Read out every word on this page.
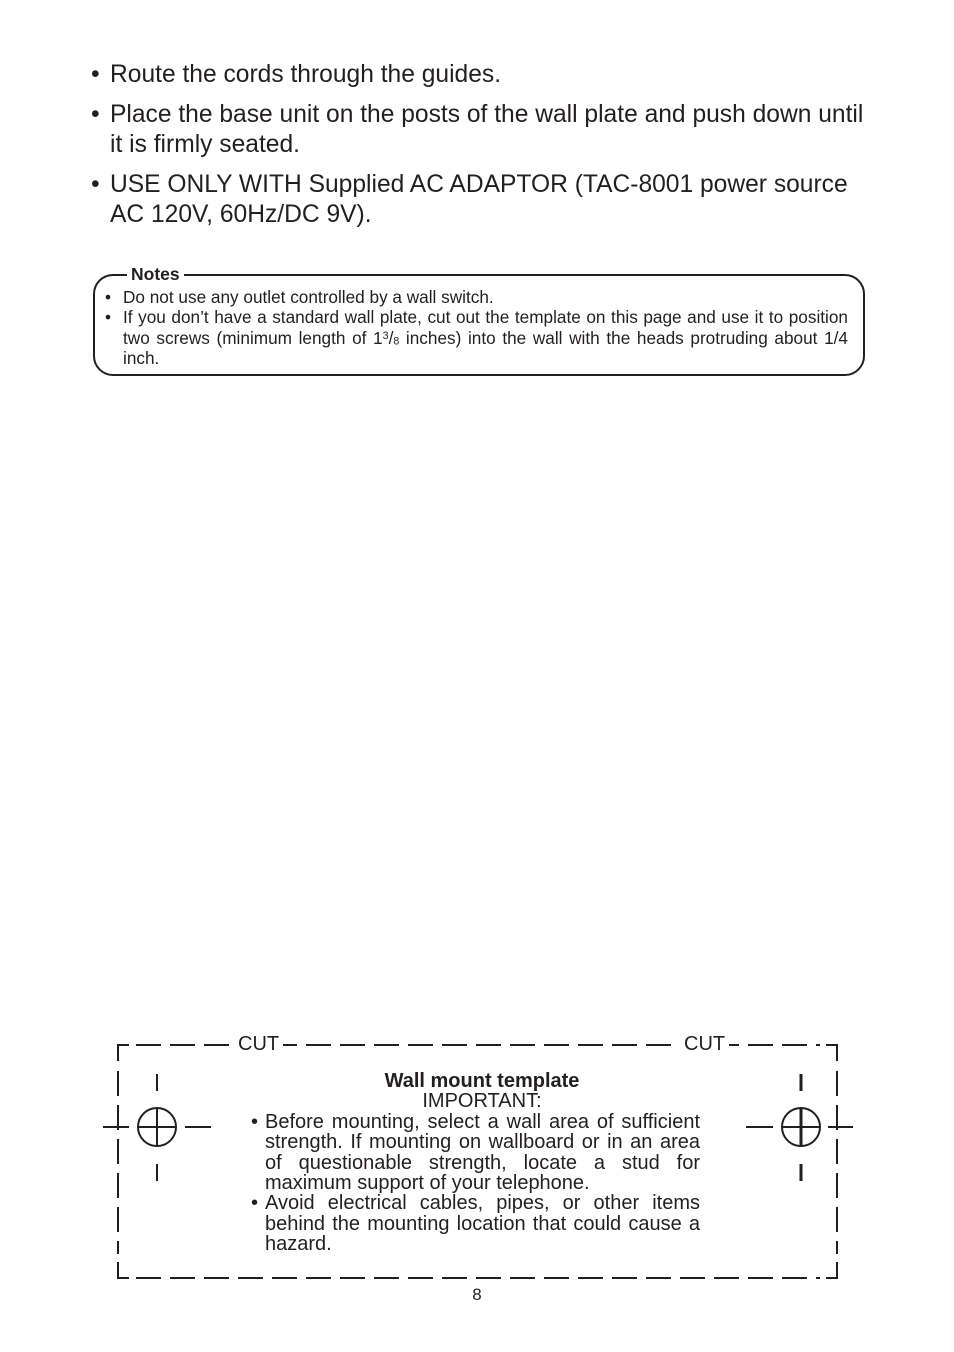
• Route the cords through the guides.
• Place the base unit on the posts of the wall plate and push down until it is firmly seated.
• USE ONLY WITH Supplied AC ADAPTOR (TAC-8001 power source AC 120V, 60Hz/DC 9V).
Notes
• Do not use any outlet controlled by a wall switch.
• If you don’t have a standard wall plate, cut out the template on this page and use it to position two screws (minimum length of $1^3/8$ inches) into the wall with the heads protruding about 1/4 inch.
CUT	CUT
Wall mount template
IMPORTANT:
• Before mounting, select a wall area of sufficient strength. If mounting on wallboard or in an area of questionable strength, locate a stud for maximum support of your telephone.
• Avoid electrical cables, pipes, or other items behind the mounting location that could cause a hazard.
8
